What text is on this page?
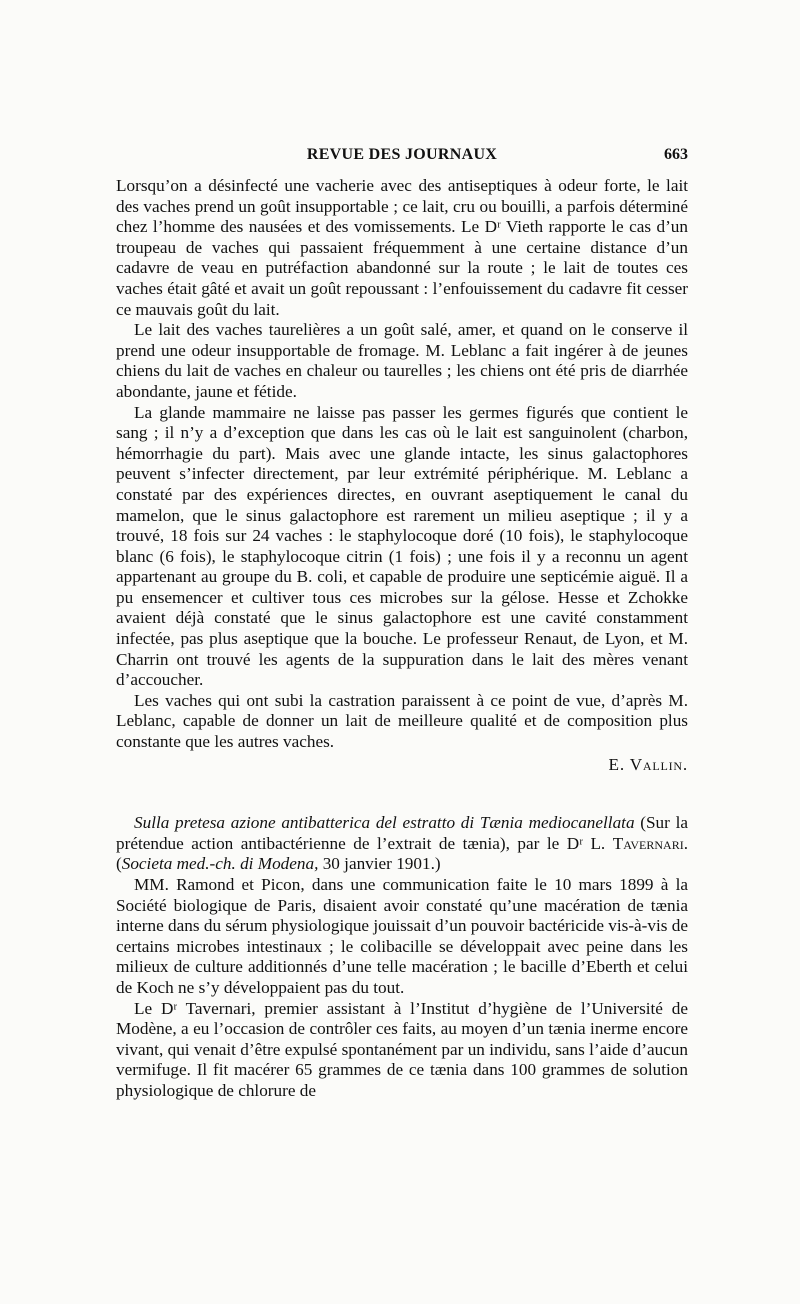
REVUE DES JOURNAUX	663

Lorsqu’on a désinfecté une vacherie avec des antiseptiques à odeur forte, le lait des vaches prend un goût insupportable ; ce lait, cru ou bouilli, a parfois déterminé chez l’homme des nausées et des vomissements. Le Dʳ Vieth rapporte le cas d’un troupeau de vaches qui passaient fréquemment à une certaine distance d’un cadavre de veau en putréfaction abandonné sur la route ; le lait de toutes ces vaches était gâté et avait un goût repoussant : l’enfouissement du cadavre fit cesser ce mauvais goût du lait.

Le lait des vaches taurelières a un goût salé, amer, et quand on le conserve il prend une odeur insupportable de fromage. M. Leblanc a fait ingérer à de jeunes chiens du lait de vaches en chaleur ou taurelles ; les chiens ont été pris de diarrhée abondante, jaune et fétide.

La glande mammaire ne laisse pas passer les germes figurés que contient le sang ; il n’y a d’exception que dans les cas où le lait est sanguinolent (charbon, hémorrhagie du part). Mais avec une glande intacte, les sinus galactophores peuvent s’infecter directement, par leur extrémité périphérique. M. Leblanc a constaté par des expériences directes, en ouvrant aseptiquement le canal du mamelon, que le sinus galactophore est rarement un milieu aseptique ; il y a trouvé, 18 fois sur 24 vaches : le staphylocoque doré (10 fois), le staphylocoque blanc (6 fois), le staphylocoque citrin (1 fois) ; une fois il y a reconnu un agent appartenant au groupe du B. coli, et capable de produire une septicémie aiguë. Il a pu ensemencer et cultiver tous ces microbes sur la gélose. Hesse et Zchokke avaient déjà constaté que le sinus galactophore est une cavité constamment infectée, pas plus aseptique que la bouche. Le professeur Renaut, de Lyon, et M. Charrin ont trouvé les agents de la suppuration dans le lait des mères venant d’accoucher.

Les vaches qui ont subi la castration paraissent à ce point de vue, d’après M. Leblanc, capable de donner un lait de meilleure qualité et de composition plus constante que les autres vaches.

E. Vallin.

Sulla pretesa azione antibatterica del estratto di Tænia mediocanellata (Sur la prétendue action antibactérienne de l’extrait de tænia), par le Dʳ L. Tavernari. (Societa med.-ch. di Modena, 30 janvier 1901.)

MM. Ramond et Picon, dans une communication faite le 10 mars 1899 à la Société biologique de Paris, disaient avoir constaté qu’une macération de tænia interne dans du sérum physiologique jouissait d’un pouvoir bactéricide vis-à-vis de certains microbes intestinaux ; le colibacille se développait avec peine dans les milieux de culture additionnés d’une telle macération ; le bacille d’Eberth et celui de Koch ne s’y développaient pas du tout.

Le Dʳ Tavernari, premier assistant à l’Institut d’hygiène de l’Université de Modène, a eu l’occasion de contrôler ces faits, au moyen d’un tænia inerme encore vivant, qui venait d’être expulsé spontanément par un individu, sans l’aide d’aucun vermifuge. Il fit macérer 65 grammes de ce tænia dans 100 grammes de solution physiologique de chlorure de
